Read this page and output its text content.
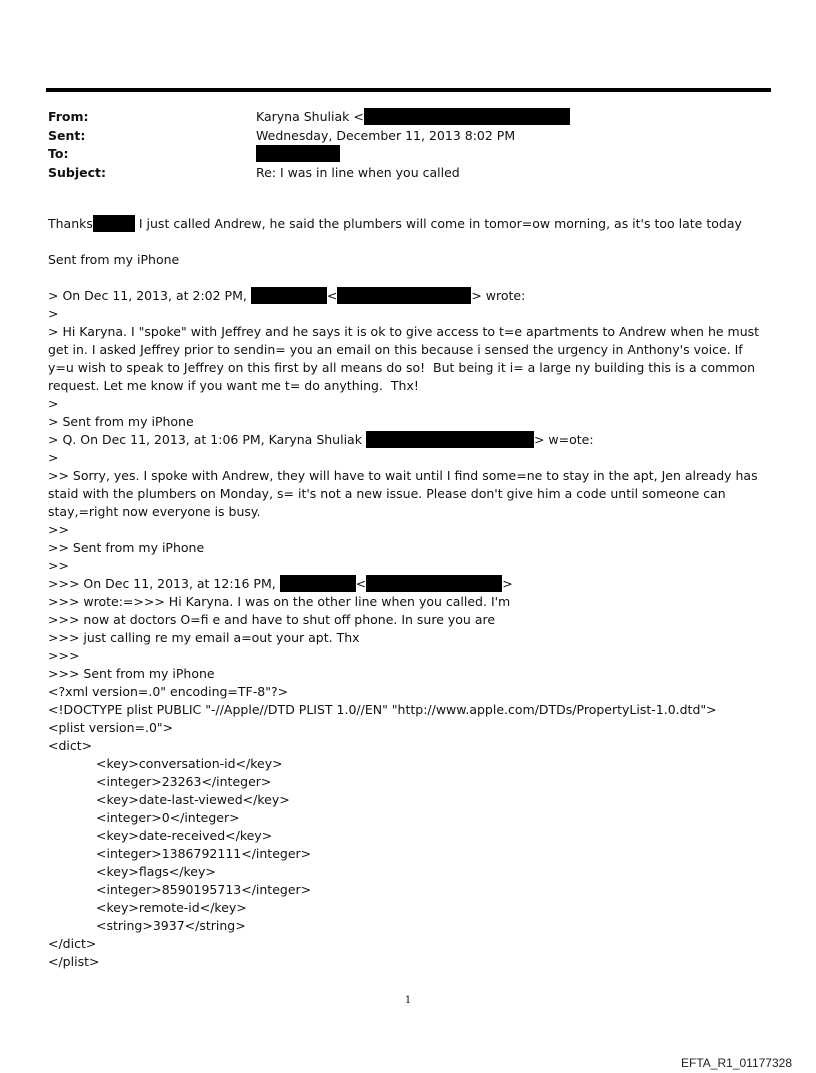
From:	Karyna Shuliak <
Sent:	Wednesday, December 11, 2013 8:02 PM
To:
Subject:	Re: I was in line when you called
Thanks	I just called Andrew, he said the plumbers will come in tomor=ow morning, as it's too late today
Sent from my iPhone
> On Dec 11, 2013, at 2:02 PM,	<	> wrote:
>
> Hi Karyna. I "spoke" with Jeffrey and he says it is ok to give access to t=e apartments to Andrew when he must get in. I asked Jeffrey prior to sendin= you an email on this because i sensed the urgency in Anthony's voice. If y=u wish to speak to Jeffrey on this first by all means do so!  But being it i= a large ny building this is a common request. Let me know if you want me t= do anything.  Thx!
>
> Sent from my iPhone
> Q. On Dec 11, 2013, at 1:06 PM, Karyna Shuliak	> w=ote:
>
>> Sorry, yes. I spoke with Andrew, they will have to wait until I find some=ne to stay in the apt, Jen already has staid with the plumbers on Monday, s= it's not a new issue. Please don't give him a code until someone can stay,=right now everyone is busy.
>>
>> Sent from my iPhone
>>
>>> On Dec 11, 2013, at 12:16 PM,	<	>
>>> wrote:=>>> Hi Karyna. I was on the other line when you called. I'm
>>> now at doctors O=fi e and have to shut off phone. In sure you are
>>> just calling re my email a=out your apt. Thx
>>>
>>> Sent from my iPhone
<?xml version=.0" encoding=TF-8"?>
<!DOCTYPE plist PUBLIC "-//Apple//DTD PLIST 1.0//EN" "http://www.apple.com/DTDs/PropertyList-1.0.dtd">
<plist version=.0">
<dict>
<key>conversation-id</key>
<integer>23263</integer>
<key>date-last-viewed</key>
<integer>0</integer>
<key>date-received</key>
<integer>1386792111</integer>
<key>flags</key>
<integer>8590195713</integer>
<key>remote-id</key>
<string>3937</string>
</dict>
</plist>
1
EFTA_R1_01177328
